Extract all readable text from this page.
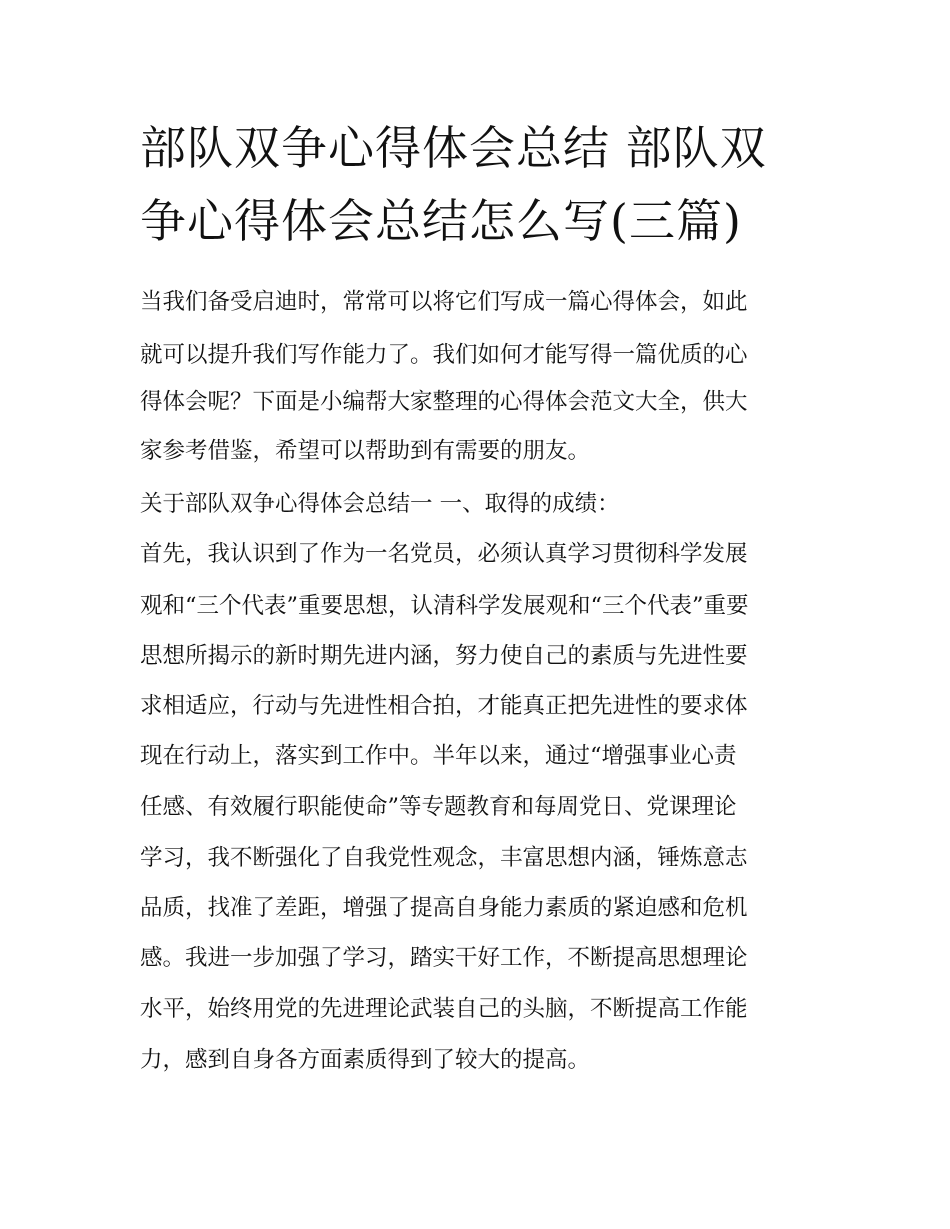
部队双争心得体会总结 部队双
争心得体会总结怎么写(三篇)
当我们备受启迪时，常常可以将它们写成一篇心得体会，如此
就可以提升我们写作能力了。我们如何才能写得一篇优质的心
得体会呢？下面是小编帮大家整理的心得体会范文大全，供大
家参考借鉴，希望可以帮助到有需要的朋友。
关于部队双争心得体会总结一 一、取得的成绩：
首先，我认识到了作为一名党员，必须认真学习贯彻科学发展
观和“三个代表”重要思想，认清科学发展观和“三个代表”重要
思想所揭示的新时期先进内涵，努力使自己的素质与先进性要
求相适应，行动与先进性相合拍，才能真正把先进性的要求体
现在行动上，落实到工作中。半年以来，通过“增强事业心责
任感、有效履行职能使命”等专题教育和每周党日、党课理论
学习，我不断强化了自我党性观念，丰富思想内涵，锤炼意志
品质，找准了差距，增强了提高自身能力素质的紧迫感和危机
感。我进一步加强了学习，踏实干好工作，不断提高思想理论
水平，始终用党的先进理论武装自己的头脑，不断提高工作能
力，感到自身各方面素质得到了较大的提高。
